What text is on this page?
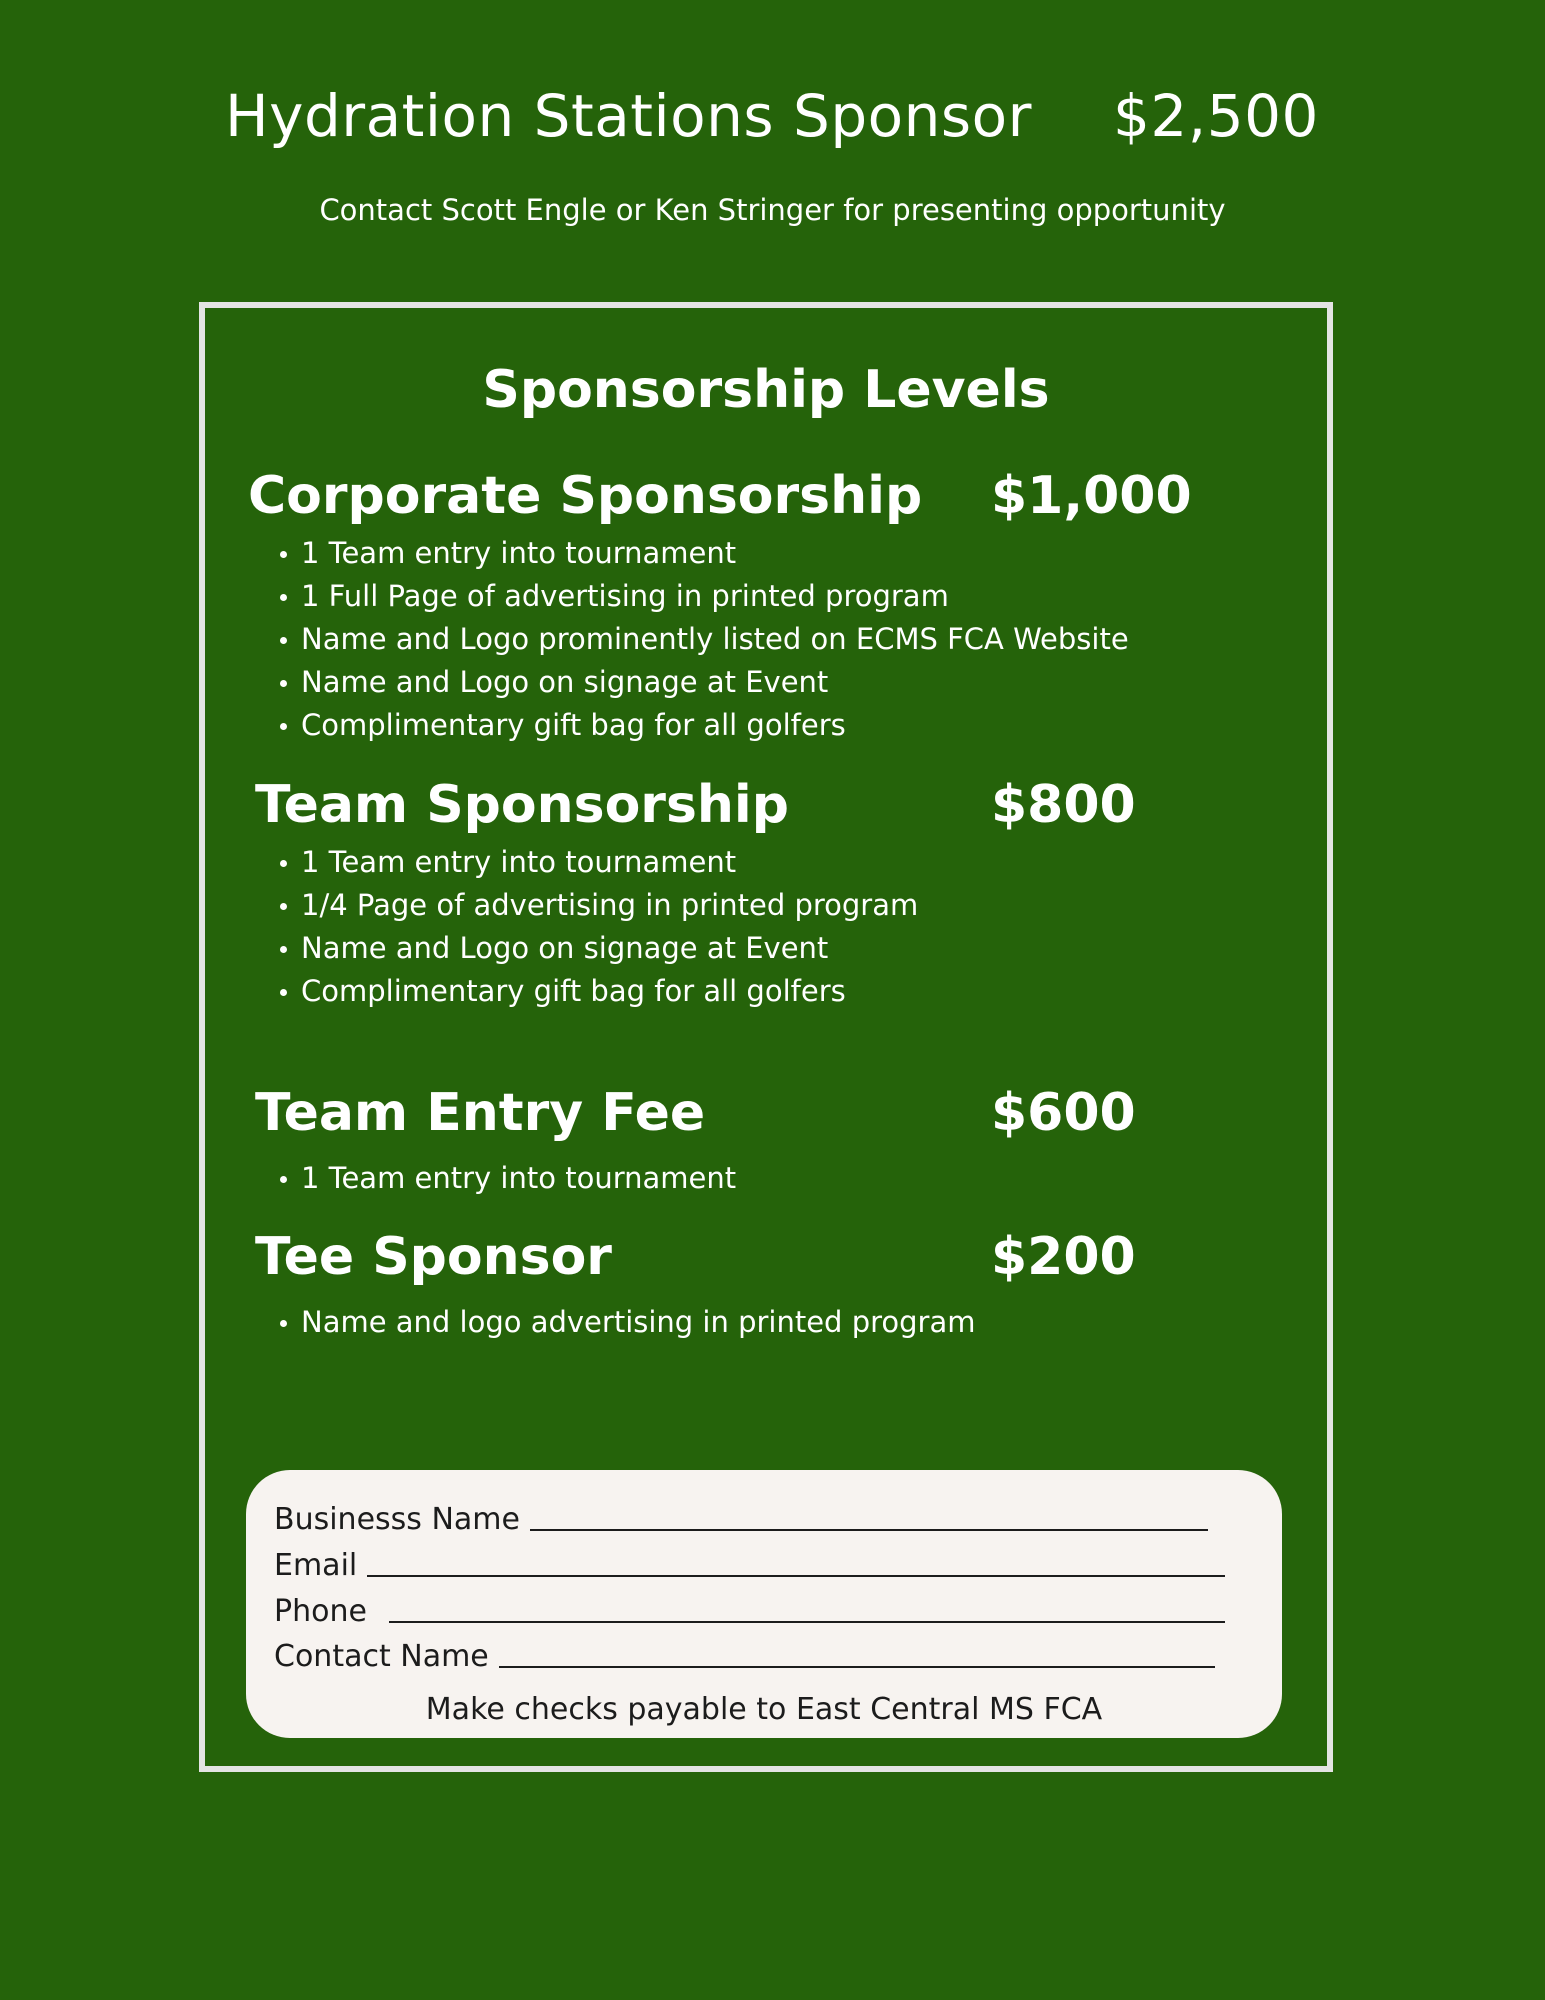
Hydration Stations Sponsor $2,500
Contact Scott Engle or Ken Stringer for presenting opportunity
Sponsorship Levels
Corporate Sponsorship $1,000
1 Team entry into tournament
1 Full Page of advertising in printed program
Name and Logo prominently listed on ECMS FCA Website
Name and Logo on signage at Event
Complimentary gift bag for all golfers
Team Sponsorship	$800
1 Team entry into tournament
1/4 Page of advertising in printed program
Name and Logo on signage at Event
Complimentary gift bag for all golfers
Team Entry Fee	$600
1 Team entry into tournament
Tee Sponsor	$200
Name and logo advertising in printed program
Businesss Name
Email
Phone
Contact Name
Make checks payable to East Central MS FCA
